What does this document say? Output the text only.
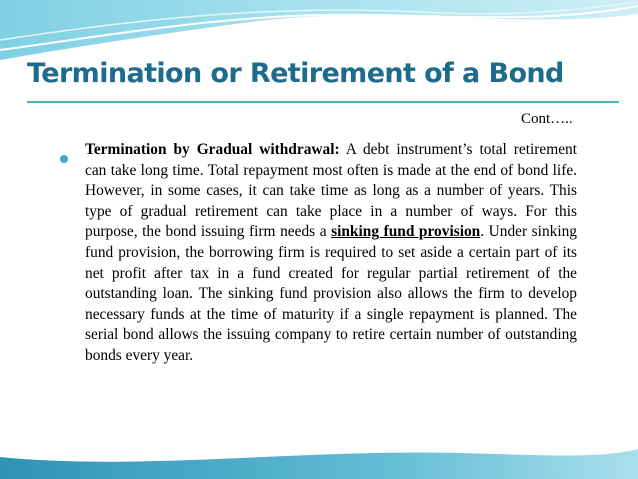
Termination or Retirement of a Bond
Cont…..

Termination by Gradual withdrawal: A debt instrument’s total retirement can take long time. Total repayment most often is made at the end of bond life. However, in some cases, it can take time as long as a number of years. This type of gradual retirement can take place in a number of ways. For this purpose, the bond issuing firm needs a sinking fund provision. Under sinking fund provision, the borrowing firm is required to set aside a certain part of its net profit after tax in a fund created for regular partial retirement of the outstanding loan. The sinking fund provision also allows the firm to develop necessary funds at the time of maturity if a single repayment is planned. The serial bond allows the issuing company to retire certain number of outstanding bonds every year.
